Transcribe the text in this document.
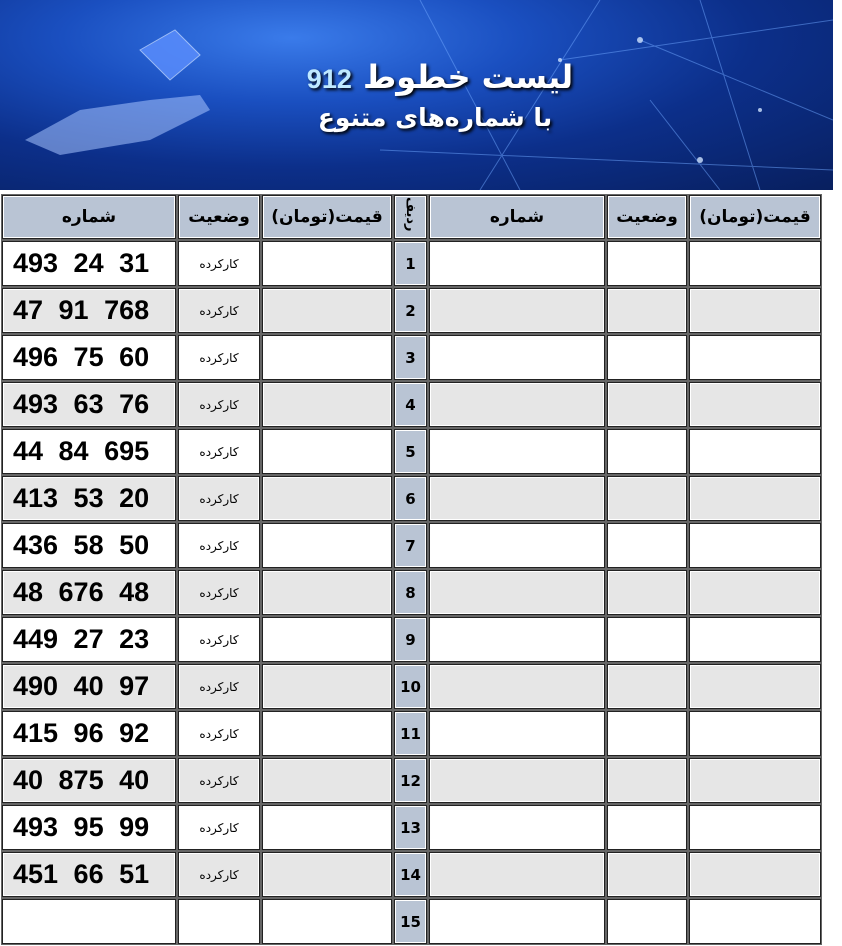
لیست خطوط 912
با شماره‌های متنوع
شماره	وضعیت	قیمت(تومان)	ردیف	شماره	وضعیت	قیمت(تومان)
493 24 31	کارکرده		1			
47 91 768	کارکرده		2			
496 75 60	کارکرده		3			
493 63 76	کارکرده		4			
44 84 695	کارکرده		5			
413 53 20	کارکرده		6			
436 58 50	کارکرده		7			
48 676 48	کارکرده		8			
449 27 23	کارکرده		9			
490 40 97	کارکرده		10			
415 96 92	کارکرده		11			
40 875 40	کارکرده		12			
493 95 99	کارکرده		13			
451 66 51	کارکرده		14			
			15			
